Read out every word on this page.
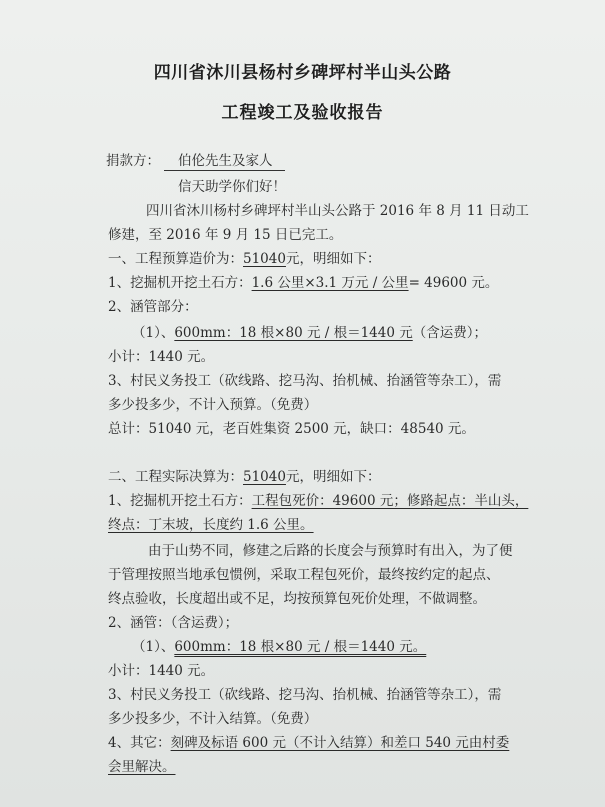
四川省沐川县杨村乡碑坪村半山头公路
工程竣工及验收报告
捐款方： 伯伦先生及家人
信天助学你们好！
四川省沐川杨村乡碑坪村半山头公路于 2016 年 8 月 11 日动工
修建，至 2016 年 9 月 15 日已完工。
一、工程预算造价为：51040元，明细如下：
1、挖掘机开挖土石方：1.6 公里×3.1 万元 / 公里= 49600 元。
2、涵管部分：
（1）、600mm：18 根×80 元 / 根＝1440 元（含运费）；
小计：1440 元。
3、村民义务投工（砍线路、挖马沟、抬机械、抬涵管等杂工），需
多少投多少，不计入预算。（免费）
总计：51040 元，老百姓集资 2500 元，缺口：48540 元。
二、工程实际决算为：51040元，明细如下：
1、挖掘机开挖土石方：工程包死价：49600 元；修路起点：半山头，
终点：丁末坡，长度约 1.6 公里。
由于山势不同，修建之后路的长度会与预算时有出入，为了便
于管理按照当地承包惯例，采取工程包死价，最终按约定的起点、
终点验收，长度超出或不足，均按预算包死价处理，不做调整。
2、涵管：（含运费）；
（1）、600mm：18 根×80 元 / 根＝1440 元。
小计：1440 元。
3、村民义务投工（砍线路、挖马沟、抬机械、抬涵管等杂工），需
多少投多少，不计入结算。（免费）
4、其它：刻碑及标语 600 元（不计入结算）和差口 540 元由村委
会里解决。
